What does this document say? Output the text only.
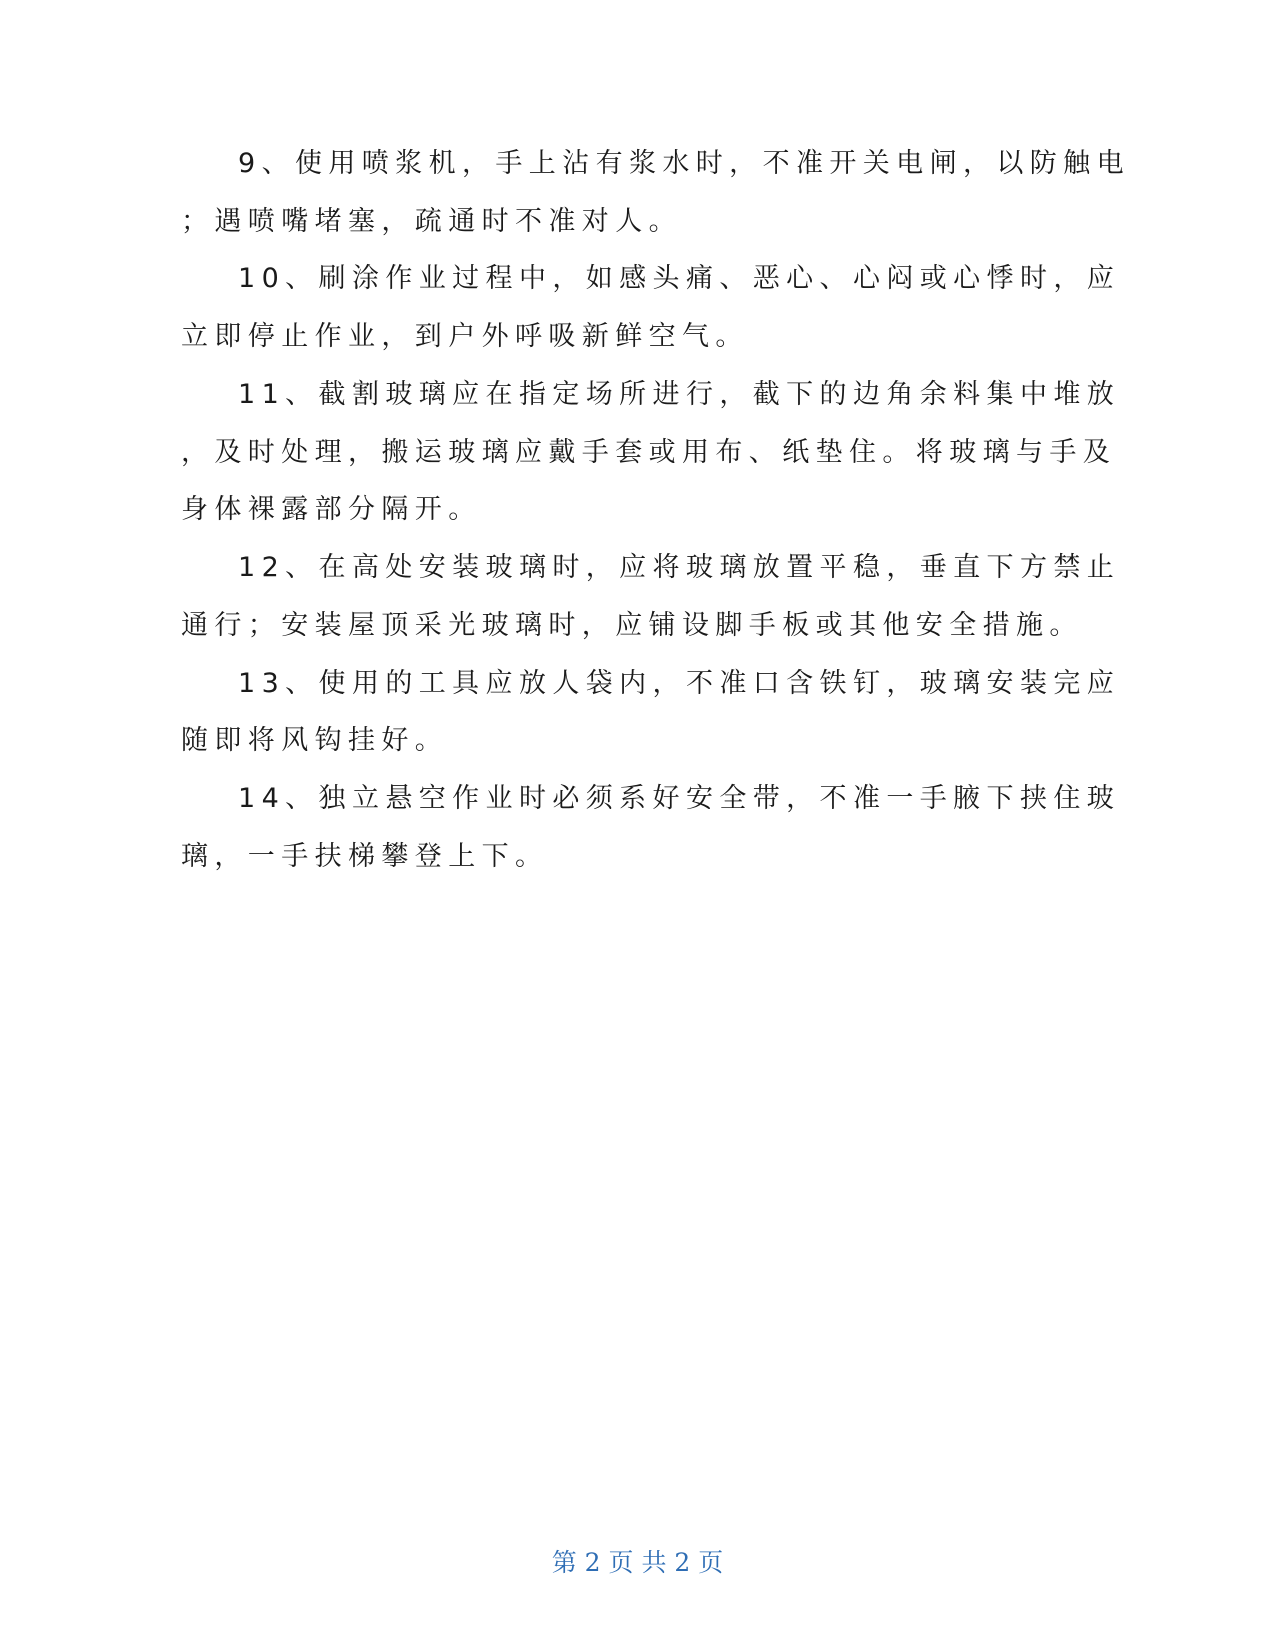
9、使用喷浆机，手上沾有浆水时，不准开关电闸，以防触电
；遇喷嘴堵塞，疏通时不准对人。
10、刷涂作业过程中，如感头痛、恶心、心闷或心悸时，应
立即停止作业，到户外呼吸新鲜空气。
11、截割玻璃应在指定场所进行，截下的边角余料集中堆放
，及时处理，搬运玻璃应戴手套或用布、纸垫住。将玻璃与手及
身体裸露部分隔开。
12、在高处安装玻璃时，应将玻璃放置平稳，垂直下方禁止
通行；安装屋顶采光玻璃时，应铺设脚手板或其他安全措施。
13、使用的工具应放人袋内，不准口含铁钉，玻璃安装完应
随即将风钩挂好。
14、独立悬空作业时必须系好安全带，不准一手腋下挟住玻
璃，一手扶梯攀登上下。
第 2 页 共 2 页
